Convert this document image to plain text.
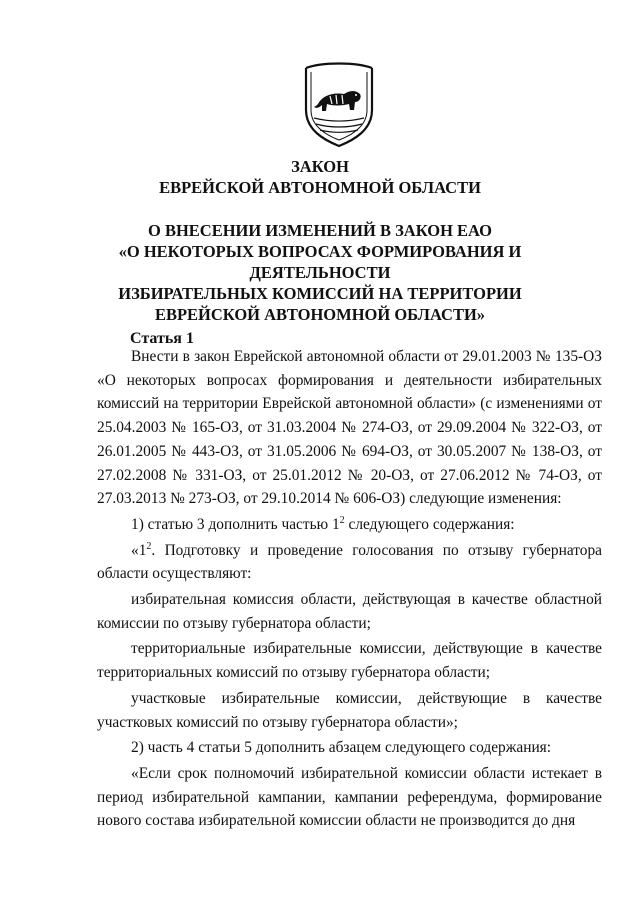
ЗАКОН
ЕВРЕЙСКОЙ АВТОНОМНОЙ ОБЛАСТИ
О ВНЕСЕНИИ ИЗМЕНЕНИЙ В ЗАКОН ЕАО
«О НЕКОТОРЫХ ВОПРОСАХ ФОРМИРОВАНИЯ И ДЕЯТЕЛЬНОСТИ
ИЗБИРАТЕЛЬНЫХ КОМИССИЙ НА ТЕРРИТОРИИ
ЕВРЕЙСКОЙ АВТОНОМНОЙ ОБЛАСТИ»
Статья 1

Внести в закон Еврейской автономной области от 29.01.2003 № 135-ОЗ «О некоторых вопросах формирования и деятельности избирательных комиссий на территории Еврейской автономной области» (с изменениями от 25.04.2003 № 165-ОЗ, от 31.03.2004 № 274-ОЗ, от 29.09.2004 № 322-ОЗ, от 26.01.2005 № 443-ОЗ, от 31.05.2006 № 694-ОЗ, от 30.05.2007 № 138-ОЗ, от 27.02.2008 № 331-ОЗ, от 25.01.2012 № 20-ОЗ, от 27.06.2012 № 74-ОЗ, от 27.03.2013 № 273-ОЗ, от 29.10.2014 № 606-ОЗ) следующие изменения:

1) статью 3 дополнить частью $1^2$ следующего содержания:

«$1^2$. Подготовку и проведение голосования по отзыву губернатора области осуществляют:

избирательная комиссия области, действующая в качестве областной комиссии по отзыву губернатора области;

территориальные избирательные комиссии, действующие в качестве территориальных комиссий по отзыву губернатора области;

участковые избирательные комиссии, действующие в качестве участковых комиссий по отзыву губернатора области»;

2) часть 4 статьи 5 дополнить абзацем следующего содержания:

«Если срок полномочий избирательной комиссии области истекает в период избирательной кампании, кампании референдума, формирование нового состава избирательной комиссии области не производится до дня
